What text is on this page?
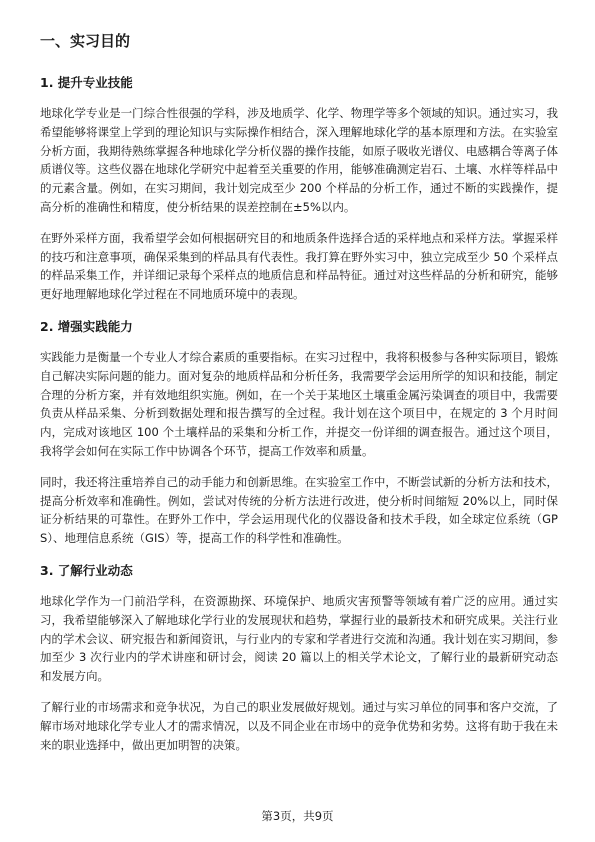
一、实习目的
1. 提升专业技能

地球化学专业是一门综合性很强的学科，涉及地质学、化学、物理学等多个领域的知识。通过实习，我希望能够将课堂上学到的理论知识与实际操作相结合，深入理解地球化学的基本原理和方法。在实验室分析方面，我期待熟练掌握各种地球化学分析仪器的操作技能，如原子吸收光谱仪、电感耦合等离子体质谱仪等。这些仪器在地球化学研究中起着至关重要的作用，能够准确测定岩石、土壤、水样等样品中的元素含量。例如，在实习期间，我计划完成至少 200 个样品的分析工作，通过不断的实践操作，提高分析的准确性和精度，使分析结果的误差控制在±5%以内。

在野外采样方面，我希望学会如何根据研究目的和地质条件选择合适的采样地点和采样方法。掌握采样的技巧和注意事项，确保采集到的样品具有代表性。我打算在野外实习中，独立完成至少 50 个采样点的样品采集工作，并详细记录每个采样点的地质信息和样品特征。通过对这些样品的分析和研究，能够更好地理解地球化学过程在不同地质环境中的表现。

2. 增强实践能力

实践能力是衡量一个专业人才综合素质的重要指标。在实习过程中，我将积极参与各种实际项目，锻炼自己解决实际问题的能力。面对复杂的地质样品和分析任务，我需要学会运用所学的知识和技能，制定合理的分析方案，并有效地组织实施。例如，在一个关于某地区土壤重金属污染调查的项目中，我需要负责从样品采集、分析到数据处理和报告撰写的全过程。我计划在这个项目中，在规定的 3 个月时间内，完成对该地区 100 个土壤样品的采集和分析工作，并提交一份详细的调查报告。通过这个项目，我将学会如何在实际工作中协调各个环节，提高工作效率和质量。

同时，我还将注重培养自己的动手能力和创新思维。在实验室工作中，不断尝试新的分析方法和技术，提高分析效率和准确性。例如，尝试对传统的分析方法进行改进，使分析时间缩短 20%以上，同时保证分析结果的可靠性。在野外工作中，学会运用现代化的仪器设备和技术手段，如全球定位系统（GPS）、地理信息系统（GIS）等，提高工作的科学性和准确性。

3. 了解行业动态

地球化学作为一门前沿学科，在资源勘探、环境保护、地质灾害预警等领域有着广泛的应用。通过实习，我希望能够深入了解地球化学行业的发展现状和趋势，掌握行业的最新技术和研究成果。关注行业内的学术会议、研究报告和新闻资讯，与行业内的专家和学者进行交流和沟通。我计划在实习期间，参加至少 3 次行业内的学术讲座和研讨会，阅读 20 篇以上的相关学术论文，了解行业的最新研究动态和发展方向。

了解行业的市场需求和竞争状况，为自己的职业发展做好规划。通过与实习单位的同事和客户交流，了解市场对地球化学专业人才的需求情况，以及不同企业在市场中的竞争优势和劣势。这将有助于我在未来的职业选择中，做出更加明智的决策。

第3页，共9页
